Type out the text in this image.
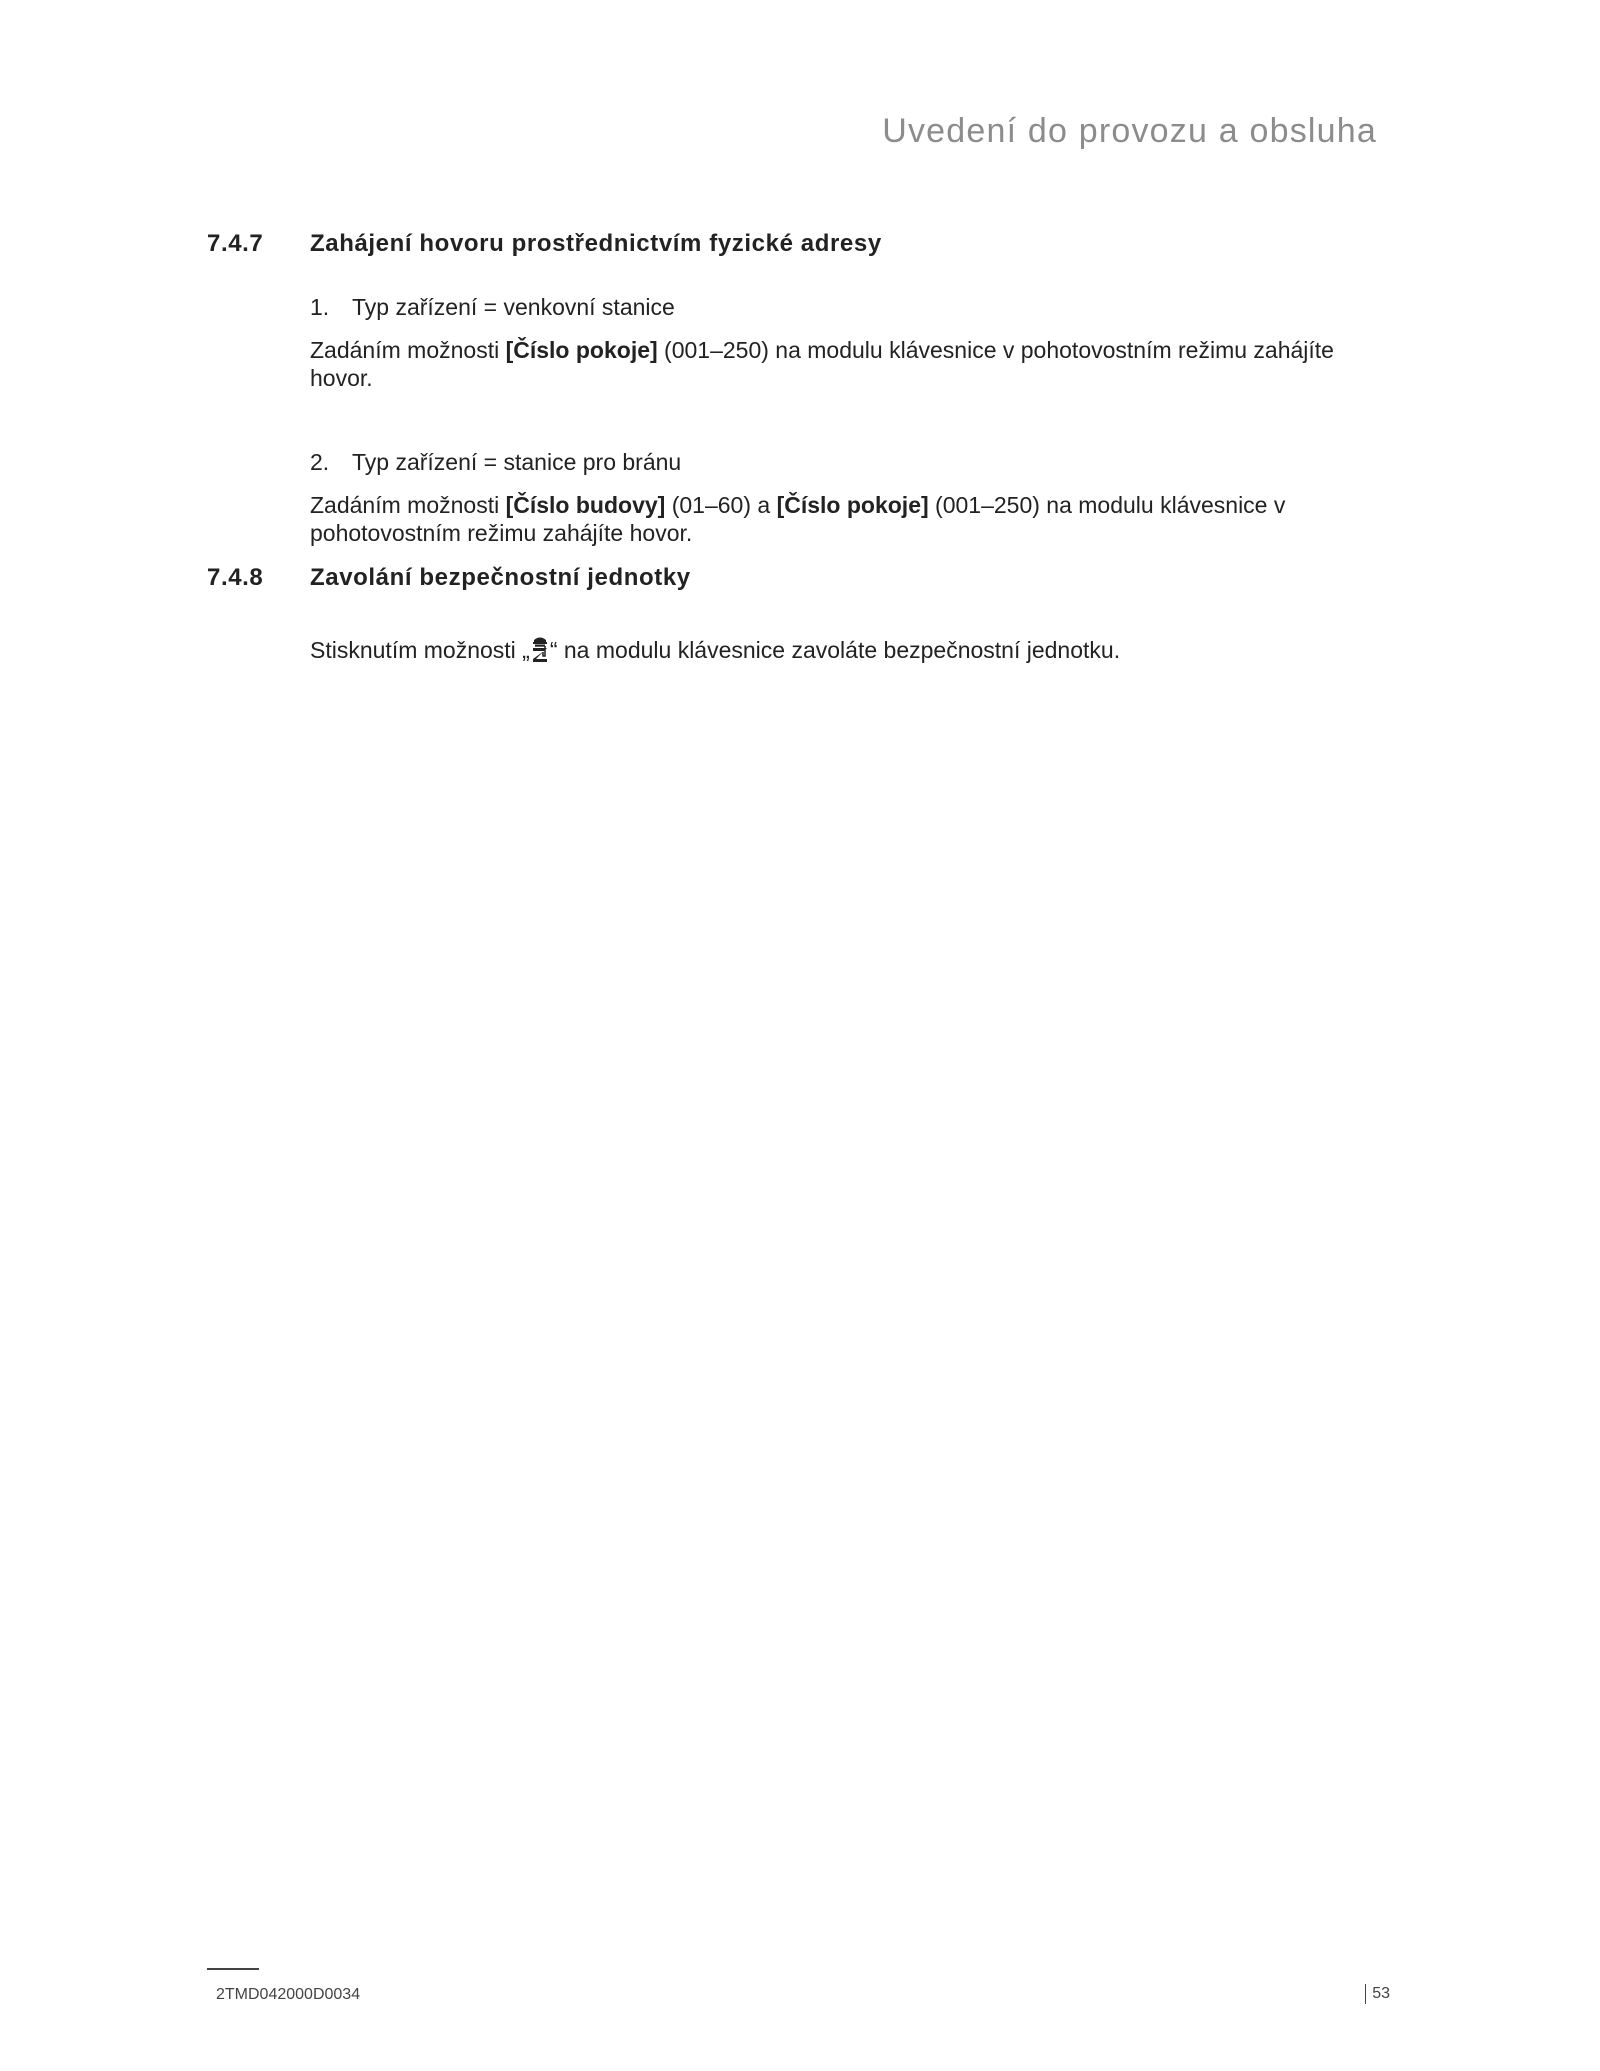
Uvedení do provozu a obsluha
7.4.7 Zahájení hovoru prostřednictvím fyzické adresy
1. Typ zařízení = venkovní stanice
Zadáním možnosti [Číslo pokoje] (001–250) na modulu klávesnice v pohotovostním režimu zahájíte hovor.
2. Typ zařízení = stanice pro bránu
Zadáním možnosti [Číslo budovy] (01–60) a [Číslo pokoje] (001–250) na modulu klávesnice v pohotovostním režimu zahájíte hovor.
7.4.8 Zavolání bezpečnostní jednotky
Stisknutím možnosti „ “ na modulu klávesnice zavoláte bezpečnostní jednotku.
2TMD042000D0034	53
